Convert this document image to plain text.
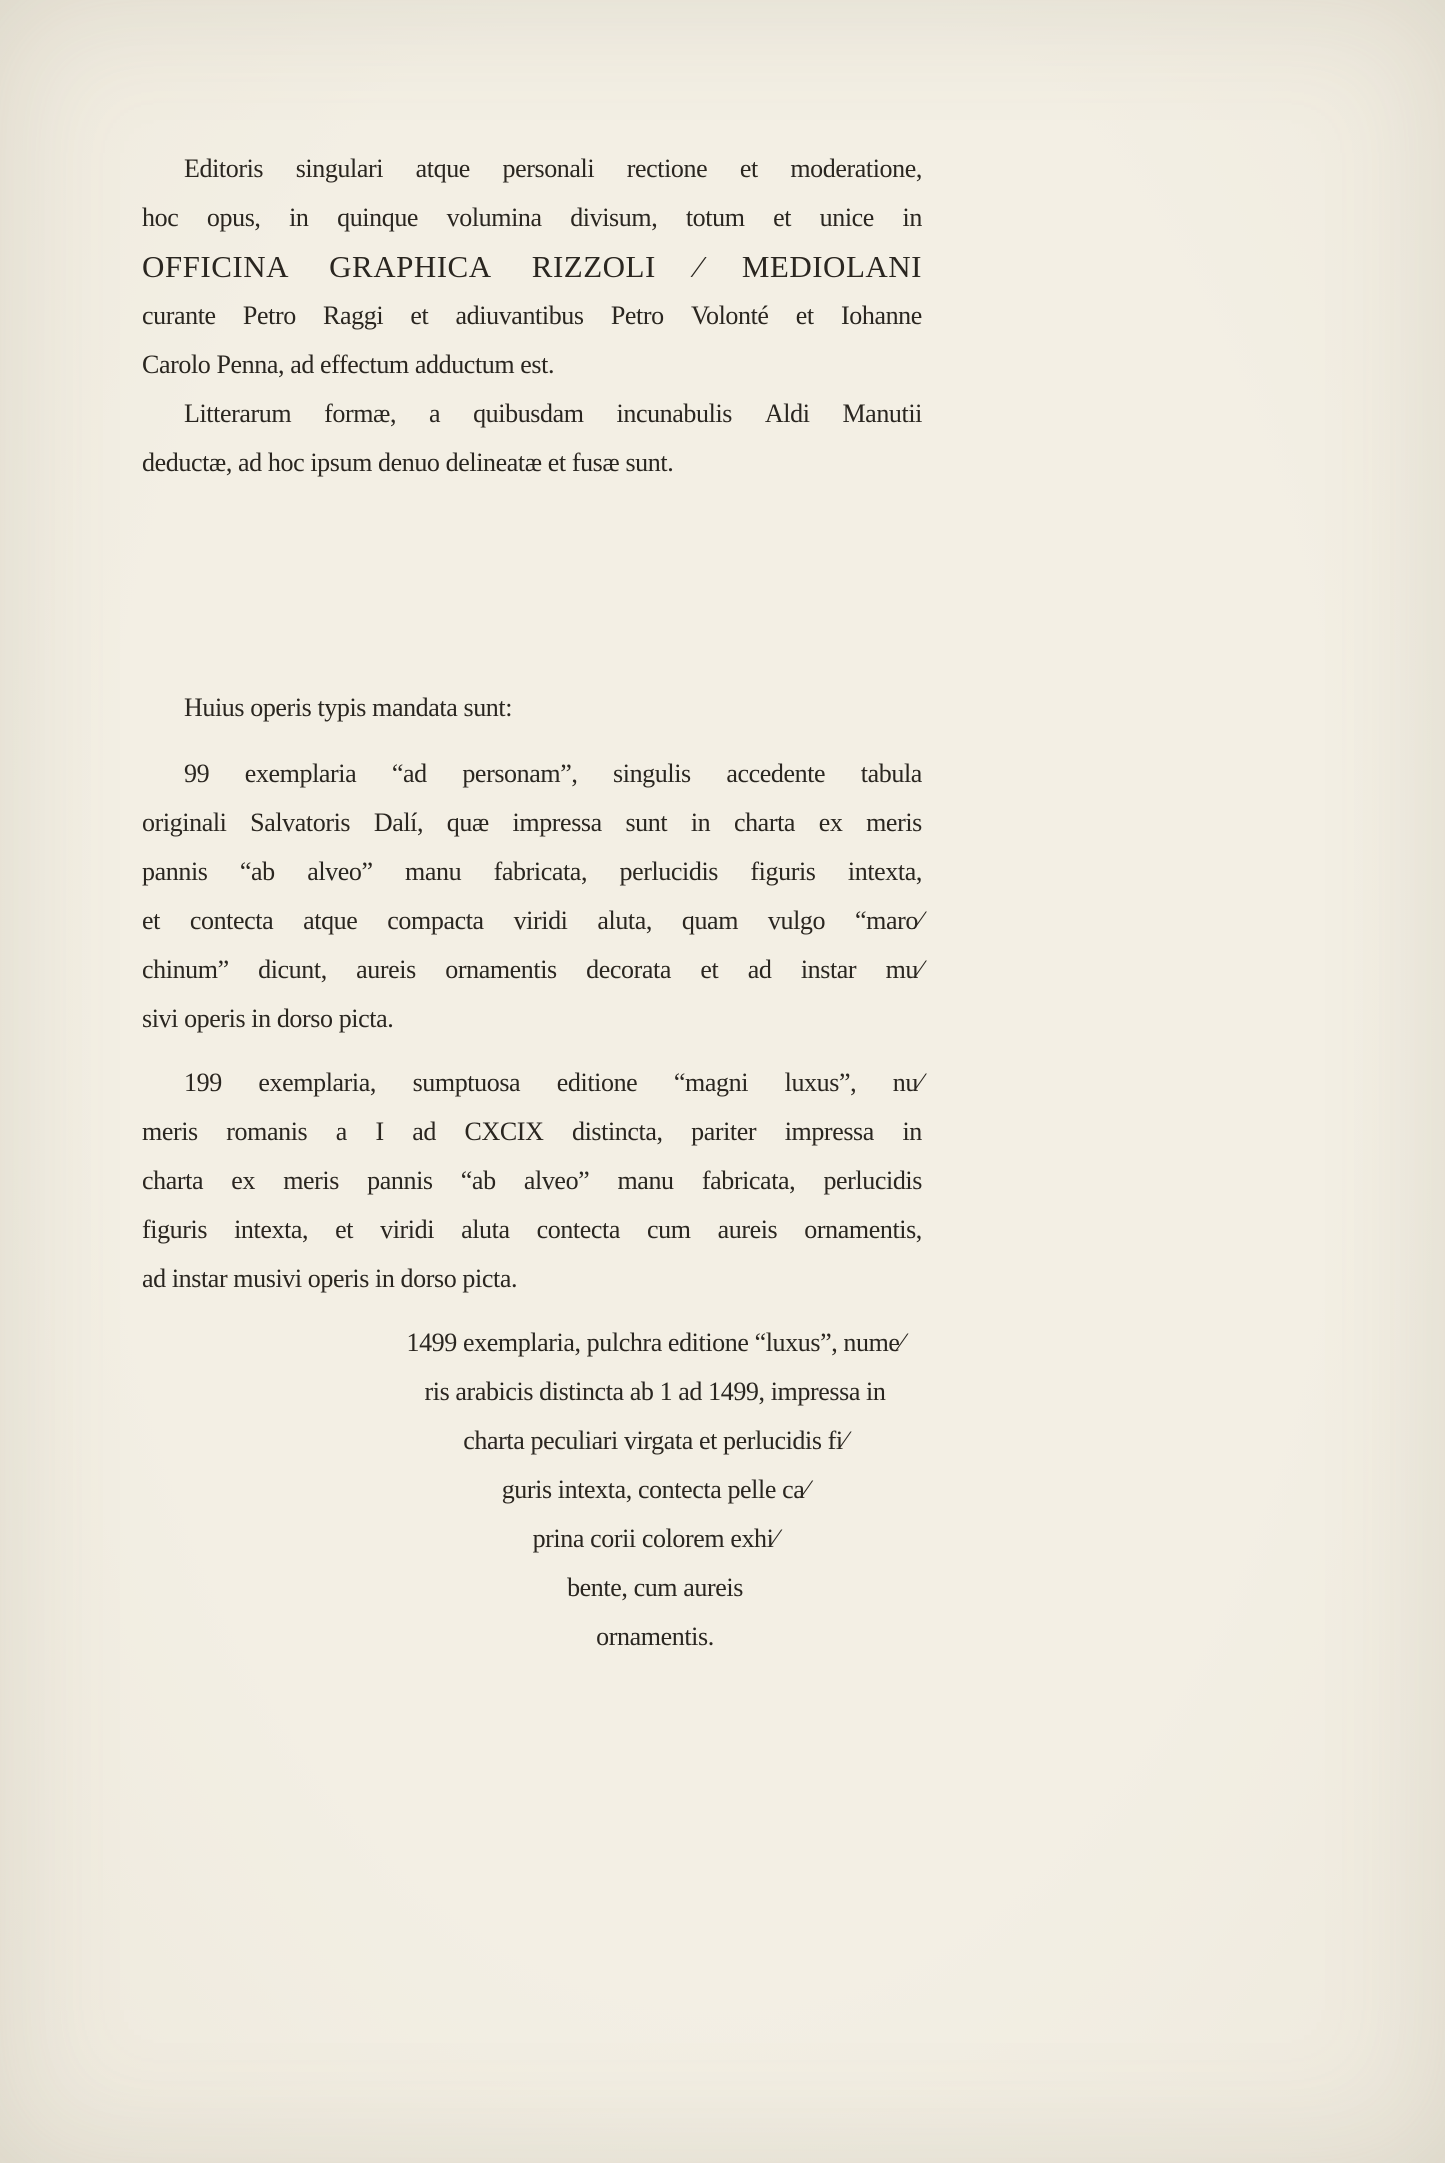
Editoris singulari atque personali rectione et moderatione,
hoc opus, in quinque volumina divisum, totum et unice in
OFFICINA GRAPHICA RIZZOLI ⁄ MEDIOLANI
curante Petro Raggi et adiuvantibus Petro Volonté et Iohanne
Carolo Penna, ad effectum adductum est.
Litterarum formæ, a quibusdam incunabulis Aldi Manutii
deductæ, ad hoc ipsum denuo delineatæ et fusæ sunt.
Huius operis typis mandata sunt:
99 exemplaria “ad personam”, singulis accedente tabula
originali Salvatoris Dalí, quæ impressa sunt in charta ex meris
pannis “ab alveo” manu fabricata, perlucidis figuris intexta,
et contecta atque compacta viridi aluta, quam vulgo “maro⁄
chinum” dicunt, aureis ornamentis decorata et ad instar mu⁄
sivi operis in dorso picta.
199 exemplaria, sumptuosa editione “magni luxus”, nu⁄
meris romanis a I ad CXCIX distincta, pariter impressa in
charta ex meris pannis “ab alveo” manu fabricata, perlucidis
figuris intexta, et viridi aluta contecta cum aureis ornamentis,
ad instar musivi operis in dorso picta.
1499 exemplaria, pulchra editione “luxus”, nume⁄
ris arabicis distincta ab 1 ad 1499, impressa in
charta peculiari virgata et perlucidis fi⁄
guris intexta, contecta pelle ca⁄
prina corii colorem exhi⁄
bente, cum aureis
ornamentis.
